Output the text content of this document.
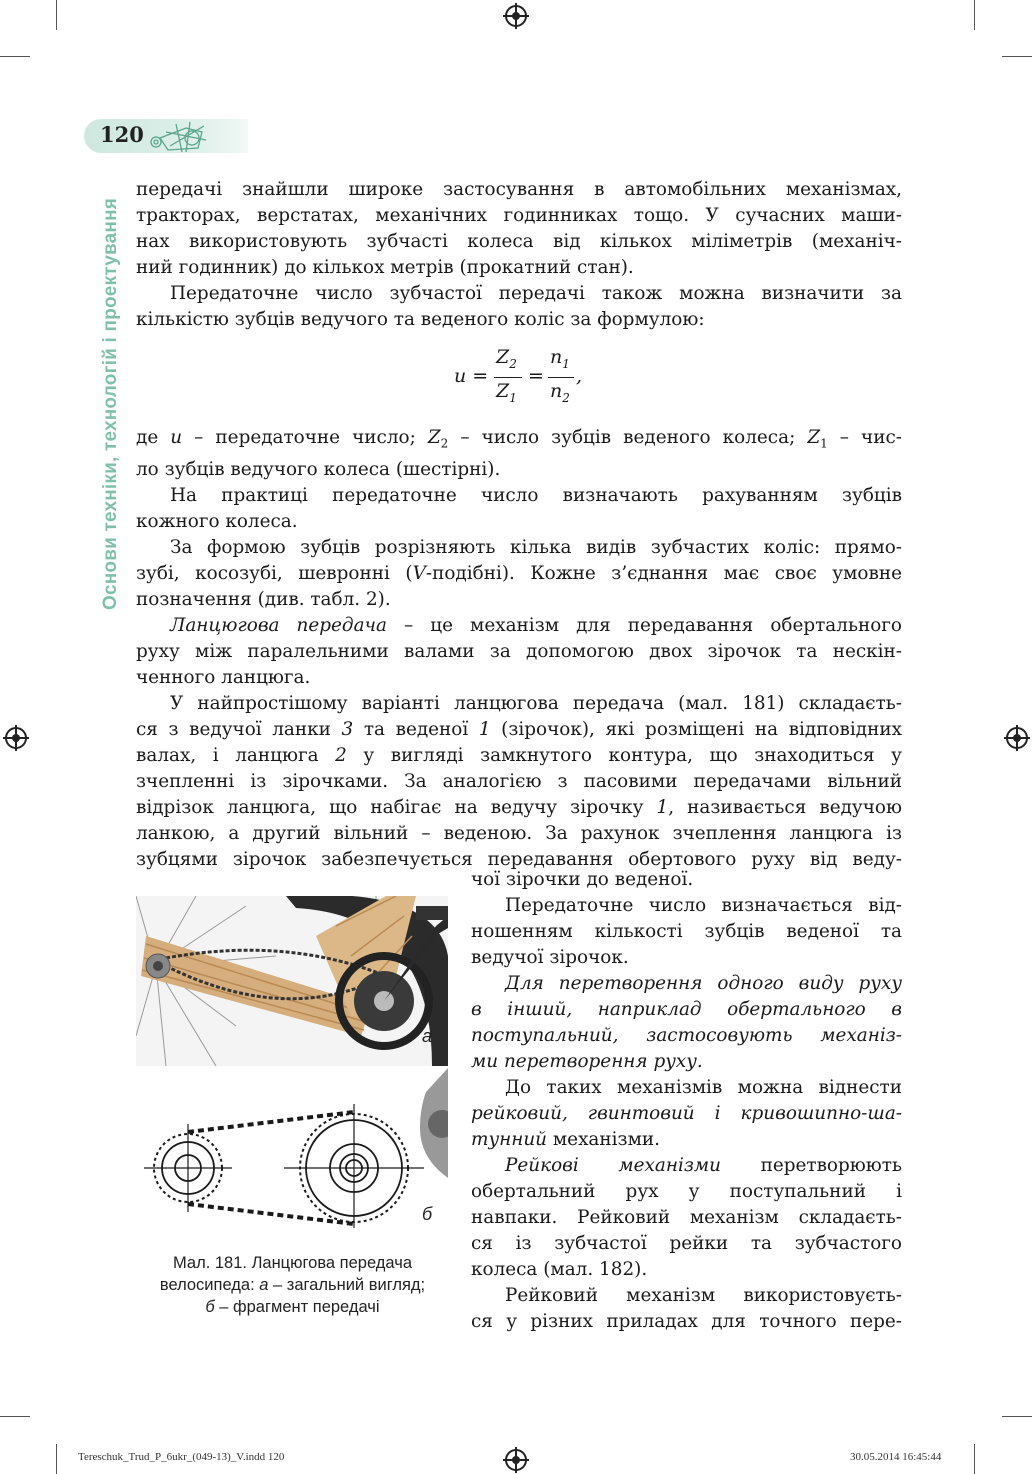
120
Основи техніки, технологій і проектування

передачі знайшли широке застосування в автомобільних механізмах,

тракторах, верстатах, механічних годинниках тощо. У сучасних маши-

нах використовують зубчасті колеса від кількох міліметрів (механіч-

ний годинник) до кількох метрів (прокатний стан).

Передаточне число зубчастої передачі також можна визначити за

кількістю зубців ведучого та веденого коліс за формулою:

u =
$Z_2$
$Z_1$
=
$n_1$
$n_2$
,

де u – передаточне число; $Z_2$ – число зубців веденого колеса; $Z_1 - чис-$

ло зубців ведучого колеса (шестірні).

На практиці передаточне число визначають рахуванням зубців

кожного колеса.

За формою зубців розрізняють кілька видів зубчастих коліс: прямо-

зубі, косозубі, шевронні (V-подібні). Кожне з’єднання має своє умовне

позначення (див. табл. 2).

Ланцюгова передача – це механізм для передавання обертального

руху між паралельними валами за допомогою двох зірочок та нескін-

ченного ланцюга.

У найпростішому варіанті ланцюгова передача (мал. 181) складаєть-

ся з ведучої ланки 3 та веденої 1 (зірочок), які розміщені на відповідних

валах, і ланцюга 2 у вигляді замкнутого контура, що знаходиться у

зчепленні із зірочками. За аналогією з пасовими передачами вільний

відрізок ланцюга, що набігає на ведучу зірочку 1, називається ведучою

ланкою, а другий вільний – веденою. За рахунок зчеплення ланцюга із

зубцями зірочок забезпечується передавання обертового руху від веду-

чої зірочки до веденої.

Передаточне число визначається від-

ношенням кількості зубців веденої та

ведучої зірочок.

Для перетворення одного виду руху

в інший, наприклад обертального в

поступальний, застосовують механіз-

ми перетворення руху.

До таких механізмів можна віднести

рейковий, гвинтовий і кривошипно-ша-

тунний механізми.

Рейкові механізми перетворюють

обертальний рух у поступальний і

навпаки. Рейковий механізм складаєть-

ся із зубчастої рейки та зубчастого

колеса (мал. 182).

Рейковий механізм використовуєть-

ся у різних приладах для точного пере-

а
б
Мал. 181. Ланцюгова передача
велосипеда: а – загальний вигляд;
б – фрагмент передачі
Tereschuk_Trud_P_6ukr_(049-13)_V.indd 120	30.05.2014 16:45:44
